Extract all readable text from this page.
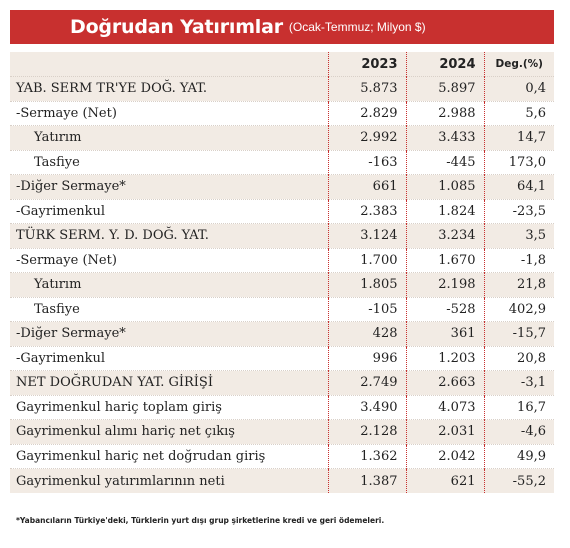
Doğrudan Yatırımlar (Ocak-Temmuz; Milyon $)
	2023	2024	Deg.(%)
YAB. SERM TR'YE DOĞ. YAT.	5.873	5.897	0,4
-Sermaye (Net)	2.829	2.988	5,6
Yatırım	2.992	3.433	14,7
Tasfiye	-163	-445	173,0
-Diğer Sermaye*	661	1.085	64,1
-Gayrimenkul	2.383	1.824	-23,5
TÜRK SERM. Y. D. DOĞ. YAT.	3.124	3.234	3,5
-Sermaye (Net)	1.700	1.670	-1,8
Yatırım	1.805	2.198	21,8
Tasfiye	-105	-528	402,9
-Diğer Sermaye*	428	361	-15,7
-Gayrimenkul	996	1.203	20,8
NET DOĞRUDAN YAT. GİRİŞİ	2.749	2.663	-3,1
Gayrimenkul hariç toplam giriş	3.490	4.073	16,7
Gayrimenkul alımı hariç net çıkış	2.128	2.031	-4,6
Gayrimenkul hariç net doğrudan giriş	1.362	2.042	49,9
Gayrimenkul yatırımlarının neti	1.387	621	-55,2
*Yabancıların Türkiye'deki, Türklerin yurt dışı grup şirketlerine kredi ve geri ödemeleri.
